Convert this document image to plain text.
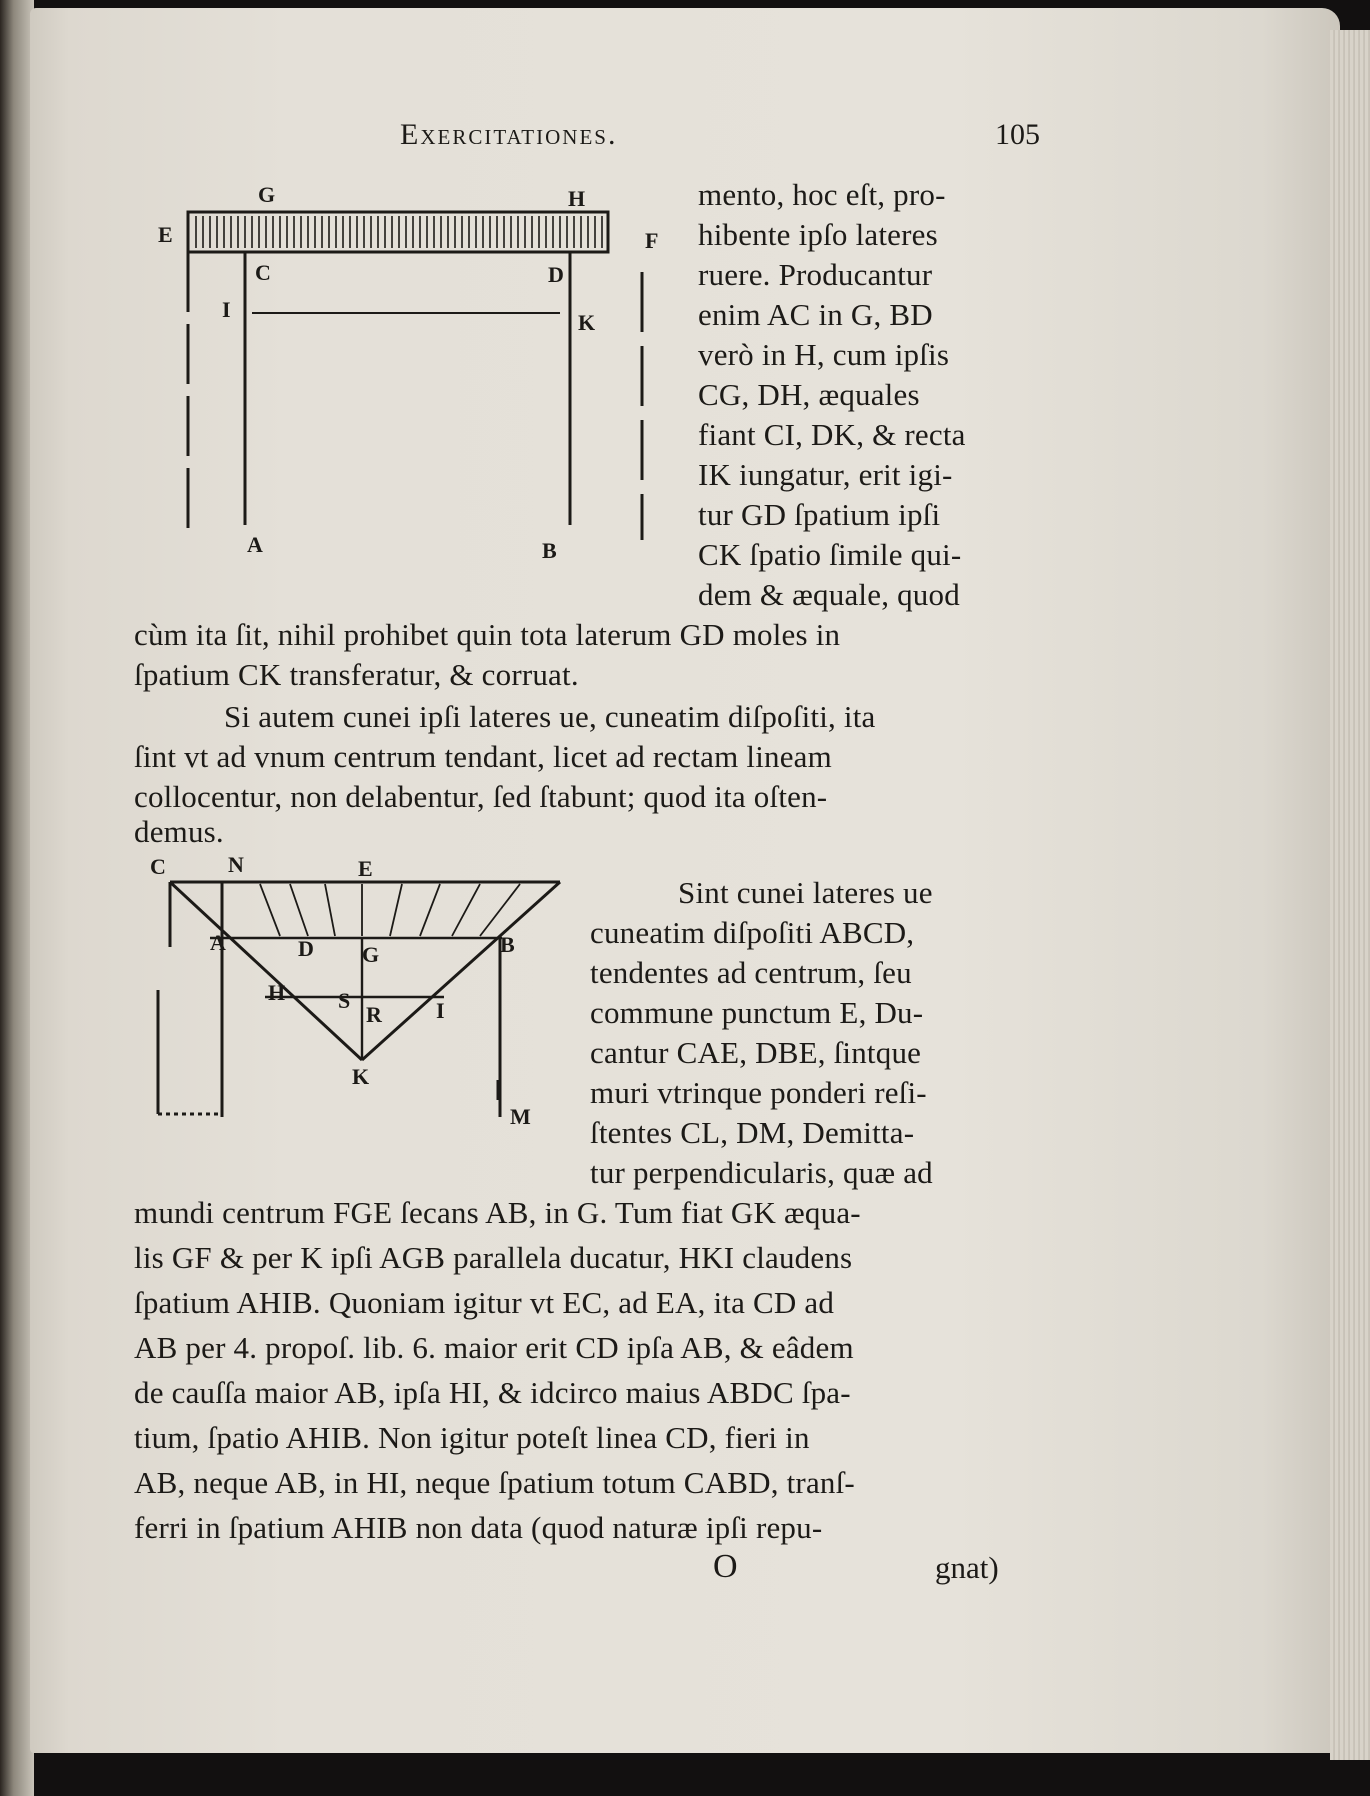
Exercitationes.	105
E	F
G	H
C	D
I
K
A	B
C	N	E
A	B
D G
H S
R I
K
M
mento, hoc eſt, pro-
hibente ipſo lateres
ruere. Producantur
enim AC in G, BD
verò in H, cum ipſis
CG, DH, æquales
fiant CI, DK, & recta
IK iungatur, erit igi-
tur GD ſpatium ipſi
CK ſpatio ſimile qui-
dem & æquale, quod
cùm ita ſit, nihil prohibet quin tota laterum GD moles in
ſpatium CK transferatur, & corruat.
Si autem cunei ipſi lateres ue, cuneatim diſpoſiti, ita
ſint vt ad vnum centrum tendant, licet ad rectam lineam
collocentur, non delabentur, ſed ſtabunt; quod ita oſten-
demus.
Sint cunei lateres ue
cuneatim diſpoſiti ABCD,
tendentes ad centrum, ſeu
commune punctum E, Du-
cantur CAE, DBE, ſintque
muri vtrinque ponderi reſi-
ſtentes CL, DM, Demitta-
tur perpendicularis, quæ ad
mundi centrum FGE ſecans AB, in G. Tum fiat GK æqua-
lis GF & per K ipſi AGB parallela ducatur, HKI claudens
ſpatium AHIB. Quoniam igitur vt EC, ad EA, ita CD ad
AB per 4. propoſ. lib. 6. maior erit CD ipſa AB, & eâdem
de cauſſa maior AB, ipſa HI, & idcirco maius ABDC ſpa-
tium, ſpatio AHIB. Non igitur poteſt linea CD, fieri in
AB, neque AB, in HI, neque ſpatium totum CABD, tranſ-
ferri in ſpatium AHIB non data (quod naturæ ipſi repu-
O	gnat)
